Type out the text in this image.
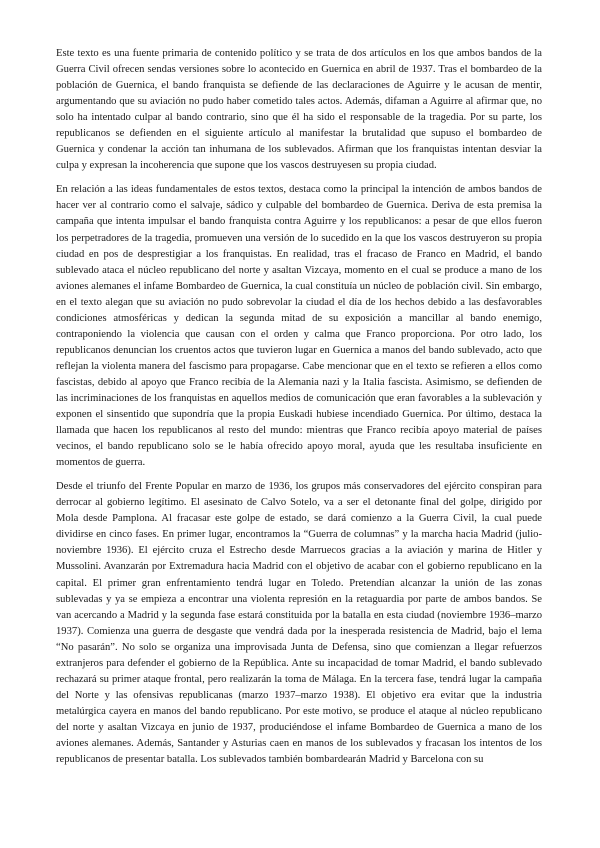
Este texto es una fuente primaria de contenido político y se trata de dos artículos en los que ambos bandos de la Guerra Civil ofrecen sendas versiones sobre lo acontecido en Guernica en abril de 1937. Tras el bombardeo de la población de Guernica, el bando franquista se defiende de las declaraciones de Aguirre y le acusan de mentir, argumentando que su aviación no pudo haber cometido tales actos. Además, difaman a Aguirre al afirmar que, no solo ha intentado culpar al bando contrario, sino que él ha sido el responsable de la tragedia. Por su parte, los republicanos se defienden en el siguiente artículo al manifestar la brutalidad que supuso el bombardeo de Guernica y condenar la acción tan inhumana de los sublevados. Afirman que los franquistas intentan desviar la culpa y expresan la incoherencia que supone que los vascos destruyesen su propia ciudad.

En relación a las ideas fundamentales de estos textos, destaca como la principal la intención de ambos bandos de hacer ver al contrario como el salvaje, sádico y culpable del bombardeo de Guernica. Deriva de esta premisa la campaña que intenta impulsar el bando franquista contra Aguirre y los republicanos: a pesar de que ellos fueron los perpetradores de la tragedia, promueven una versión de lo sucedido en la que los vascos destruyeron su propia ciudad en pos de desprestigiar a los franquistas. En realidad, tras el fracaso de Franco en Madrid, el bando sublevado ataca el núcleo republicano del norte y asaltan Vizcaya, momento en el cual se produce a mano de los aviones alemanes el infame Bombardeo de Guernica, la cual constituía un núcleo de población civil. Sin embargo, en el texto alegan que su aviación no pudo sobrevolar la ciudad el día de los hechos debido a las desfavorables condiciones atmosféricas y dedican la segunda mitad de su exposición a mancillar al bando enemigo, contraponiendo la violencia que causan con el orden y calma que Franco proporciona. Por otro lado, los republicanos denuncian los cruentos actos que tuvieron lugar en Guernica a manos del bando sublevado, acto que reflejan la violenta manera del fascismo para propagarse. Cabe mencionar que en el texto se refieren a ellos como fascistas, debido al apoyo que Franco recibía de la Alemania nazi y la Italia fascista. Asimismo, se defienden de las incriminaciones de los franquistas en aquellos medios de comunicación que eran favorables a la sublevación y exponen el sinsentido que supondría que la propia Euskadi hubiese incendiado Guernica. Por último, destaca la llamada que hacen los republicanos al resto del mundo: mientras que Franco recibía apoyo material de países vecinos, el bando republicano solo se le había ofrecido apoyo moral, ayuda que les resultaba insuficiente en momentos de guerra.

Desde el triunfo del Frente Popular en marzo de 1936, los grupos más conservadores del ejército conspiran para derrocar al gobierno legítimo. El asesinato de Calvo Sotelo, va a ser el detonante final del golpe, dirigido por Mola desde Pamplona. Al fracasar este golpe de estado, se dará comienzo a la Guerra Civil, la cual puede dividirse en cinco fases. En primer lugar, encontramos la “Guerra de columnas” y la marcha hacia Madrid (julio-noviembre 1936). El ejército cruza el Estrecho desde Marruecos gracias a la aviación y marina de Hitler y Mussolini. Avanzarán por Extremadura hacia Madrid con el objetivo de acabar con el gobierno republicano en la capital. El primer gran enfrentamiento tendrá lugar en Toledo. Pretendían alcanzar la unión de las zonas sublevadas y ya se empieza a encontrar una violenta represión en la retaguardia por parte de ambos bandos. Se van acercando a Madrid y la segunda fase estará constituida por la batalla en esta ciudad (noviembre 1936–marzo 1937). Comienza una guerra de desgaste que vendrá dada por la inesperada resistencia de Madrid, bajo el lema “No pasarán”. No solo se organiza una improvisada Junta de Defensa, sino que comienzan a llegar refuerzos extranjeros para defender el gobierno de la República. Ante su incapacidad de tomar Madrid, el bando sublevado rechazará su primer ataque frontal, pero realizarán la toma de Málaga. En la tercera fase, tendrá lugar la campaña del Norte y las ofensivas republicanas (marzo 1937–marzo 1938). El objetivo era evitar que la industria metalúrgica cayera en manos del bando republicano. Por este motivo, se produce el ataque al núcleo republicano del norte y asaltan Vizcaya en junio de 1937, produciéndose el infame Bombardeo de Guernica a mano de los aviones alemanes. Además, Santander y Asturias caen en manos de los sublevados y fracasan los intentos de los republicanos de presentar batalla. Los sublevados también bombardearán Madrid y Barcelona con su
